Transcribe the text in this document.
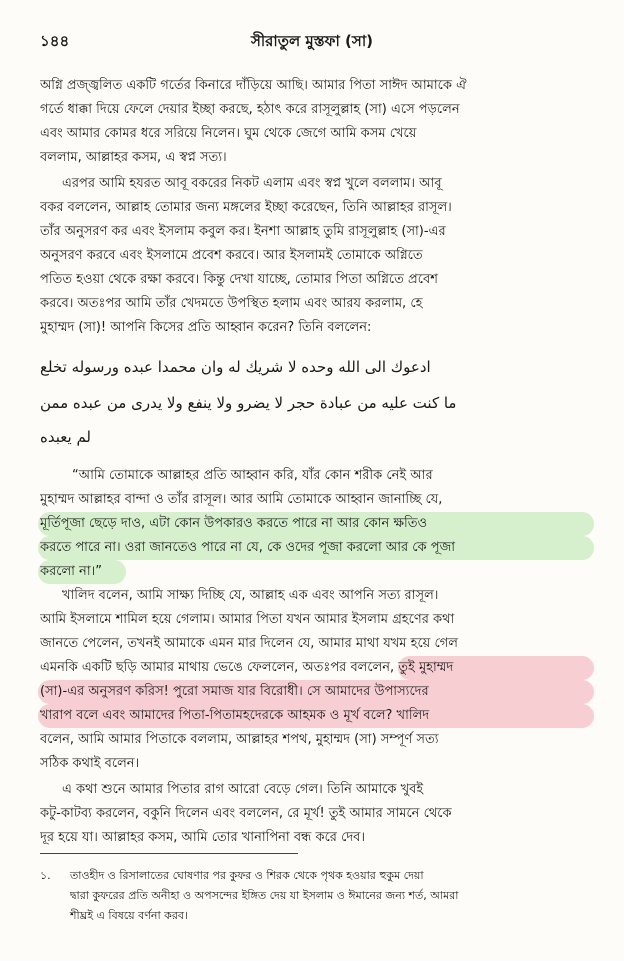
১৪৪	সীরাতুল মুস্তফা (সা)
অগ্নি প্রজ্জ্বলিত একটি গর্তের কিনারে দাঁড়িয়ে আছি। আমার পিতা সাঈদ আমাকে ঐ
গর্তে ধাক্কা দিয়ে ফেলে দেয়ার ইচ্ছা করছে, হঠাৎ করে রাসূলুল্লাহ (সা) এসে পড়লেন
এবং আমার কোমর ধরে সরিয়ে নিলেন। ঘুম থেকে জেগে আমি কসম খেয়ে
বললাম, আল্লাহর কসম, এ স্বপ্ন সত্য।
এরপর আমি হযরত আবূ বকরের নিকট এলাম এবং স্বপ্ন খুলে বললাম। আবূ
বকর বললেন, আল্লাহ তোমার জন্য মঙ্গলের ইচ্ছা করেছেন, তিনি আল্লাহর রাসূল।
তাঁর অনুসরণ কর এবং ইসলাম কবুল কর। ইনশা আল্লাহ তুমি রাসূলুল্লাহ (সা)-এর
অনুসরণ করবে এবং ইসলামে প্রবেশ করবে। আর ইসলামই তোমাকে অগ্নিতে
পতিত হওয়া থেকে রক্ষা করবে। কিন্তু দেখা যাচ্ছে, তোমার পিতা অগ্নিতে প্রবেশ
করবে। অতঃপর আমি তাঁর খেদমতে উপস্থিত হলাম এবং আরয করলাম, হে
মুহাম্মদ (সা)! আপনি কিসের প্রতি আহ্বান করেন? তিনি বললেন:
ادعوك الى الله وحده لا شريك له وان محمدا عبده ورسوله تخلع
ما كنت عليه من عبادة حجر لا يضرو ولا ينفع ولا يدرى من عبده ممن
لم يعبده
“আমি তোমাকে আল্লাহর প্রতি আহ্বান করি, যাঁর কোন শরীক নেই আর
মুহাম্মদ আল্লাহর বান্দা ও তাঁর রাসূল। আর আমি তোমাকে আহ্বান জানাচ্ছি যে,
মূর্তিপূজা ছেড়ে দাও, এটা কোন উপকারও করতে পারে না আর কোন ক্ষতিও
করতে পারে না। ওরা জানতেও পারে না যে, কে ওদের পূজা করলো আর কে পূজা
করলো না।”
খালিদ বলেন, আমি সাক্ষ্য দিচ্ছি যে, আল্লাহ এক এবং আপনি সত্য রাসূল।
আমি ইসলামে শামিল হয়ে গেলাম। আমার পিতা যখন আমার ইসলাম গ্রহণের কথা
জানতে পেলেন, তখনই আমাকে এমন মার দিলেন যে, আমার মাথা যখম হয়ে গেল
এমনকি একটি ছড়ি আমার মাথায় ভেঙে ফেললেন, অতঃপর বললেন, তুই মুহাম্মদ
(সা)-এর অনুসরণ করিস! পুরো সমাজ যার বিরোধী। সে আমাদের উপাস্যদের
খারাপ বলে এবং আমাদের পিতা-পিতামহদেরকে আহমক ও মূর্খ বলে? খালিদ
বলেন, আমি আমার পিতাকে বললাম, আল্লাহর শপথ, মুহাম্মদ (সা) সম্পূর্ণ সত্য
সঠিক কথাই বলেন।
এ কথা শুনে আমার পিতার রাগ আরো বেড়ে গেল। তিনি আমাকে খুবই
কটু-কাটব্য করলেন, বকুনি দিলেন এবং বললেন, রে মূর্খ! তুই আমার সামনে থেকে
দূর হয়ে যা। আল্লাহর কসম, আমি তোর খানাপিনা বন্ধ করে দেব।
১. তাওহীদ ও রিসালাতের ঘোষণার পর কুফর ও শিরক থেকে পৃথক হওয়ার হুকুম দেয়া
দ্বারা কুফরের প্রতি অনীহা ও অপসন্দের ইঙ্গিত দেয় যা ইসলাম ও ঈমানের জন্য শর্ত, আমরা
শীঘ্রই এ বিষয়ে বর্ণনা করব।
